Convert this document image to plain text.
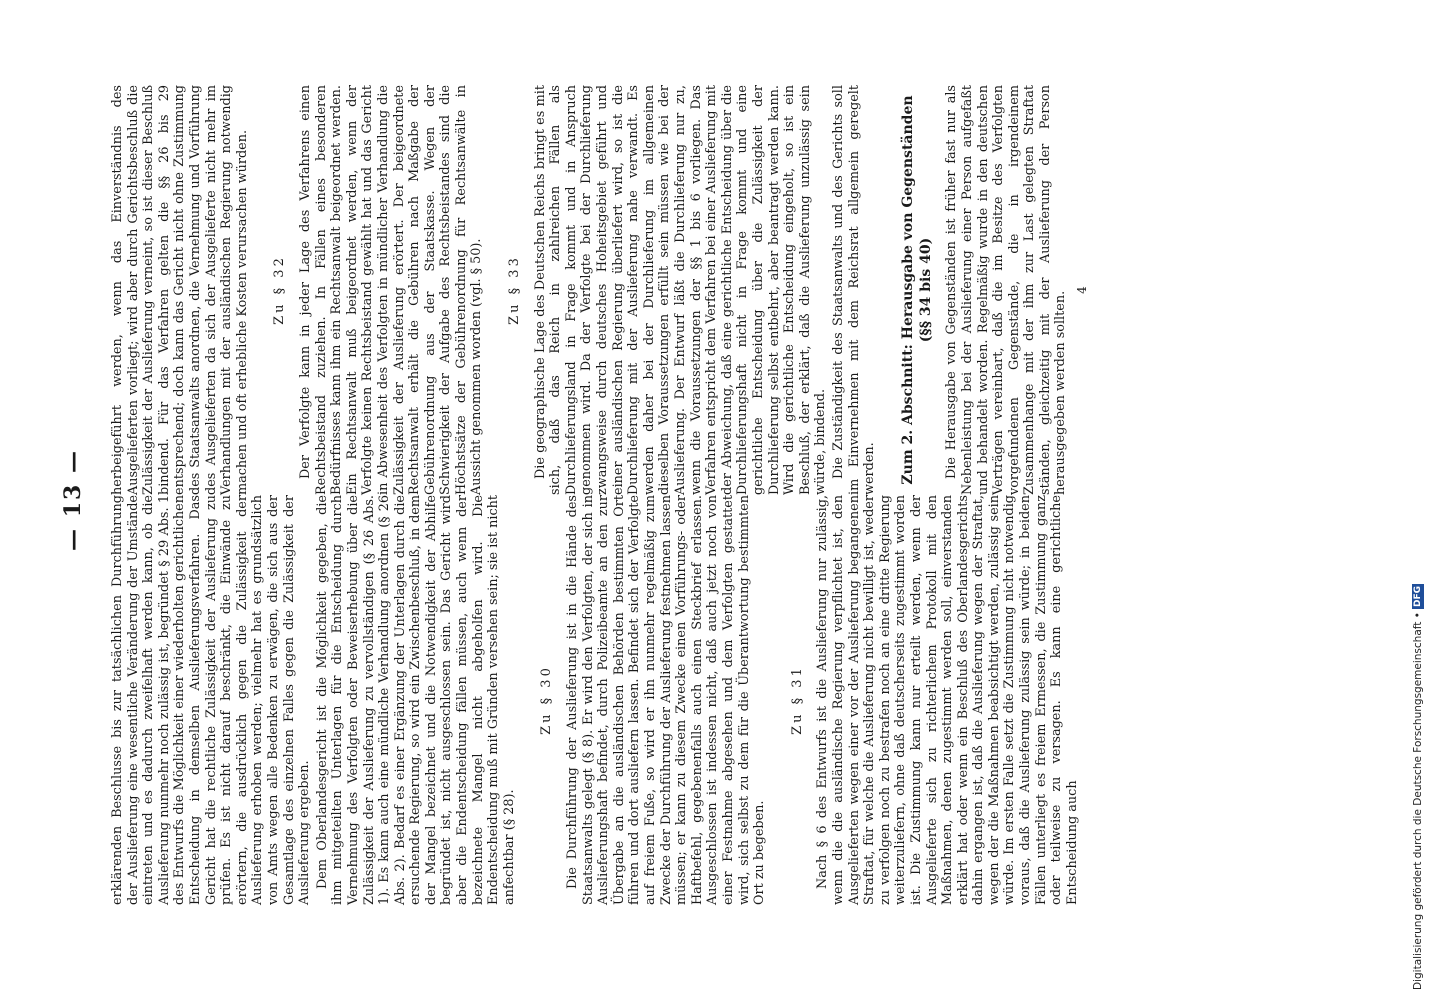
— 13 — erklärenden Beschlusse bis zur tatsächlichen Durchführung der Auslieferung eine wesentliche Veränderung der Umstände eintreten und es dadurch zweifelhaft werden kann, ob die Auslieferung nunmehr noch zulässig ist, begründet § 29 Abs. 1 des Entwurfs die Möglichkeit einer wiederholten gerichtlichen Entscheidung in demselben Auslieferungsverfahren. Das Gericht hat die rechtliche Zulässigkeit der Auslieferung zu prüfen. Es ist nicht darauf beschränkt, die Einwände zu erörtern, die ausdrücklich gegen die Zulässigkeit der Auslieferung erhoben werden; vielmehr hat es grundsätzlich von Amts wegen alle Bedenken zu erwägen, die sich aus der Gesamtlage des einzelnen Falles gegen die Zulässigkeit der Auslieferung ergeben. Dem Oberlandesgericht ist die Möglichkeit gegeben, die ihm mitgeteilten Unterlagen für die Entscheidung durch Vernehmung des Verfolgten oder Beweiserhebung über die Zulässigkeit der Auslieferung zu vervollständigen (§ 26 Abs. 1). Es kann auch eine mündliche Verhandlung anordnen (§ 26 Abs. 2). Bedarf es einer Ergänzung der Unterlagen durch die ersuchende Regierung, so wird ein Zwischenbeschluß, in dem der Mangel bezeichnet und die Notwendigkeit der Abhilfe begründet ist, nicht ausgeschlossen sein. Das Gericht wird aber die Endentscheidung fällen müssen, auch wenn der bezeichnete Mangel nicht abgeholfen wird. Die Endentscheidung muß mit Gründen versehen sein; sie ist nicht anfechtbar (§ 28).

Zu § 30 Die Durchführung der Auslieferung ist in die Hände des Staatsanwalts gelegt (§ 8). Er wird den Verfolgten, der sich in Auslieferungshaft befindet, durch Polizeibeamte an den zur Übergabe an die ausländischen Behörden bestimmten Ort führen und dort ausliefern lassen. Befindet sich der Verfolgte auf freiem Fuße, so wird er ihn nunmehr regelmäßig zum Zwecke der Durchführung der Auslieferung festnehmen lassen müssen; er kann zu diesem Zwecke einen Vorführungs- oder Haftbefehl, gegebenenfalls auch einen Steckbrief erlassen. Ausgeschlossen ist indessen nicht, daß auch jetzt noch von einer Festnahme abgesehen und dem Verfolgten gestattet wird, sich selbst zu dem für die Überantwortung bestimmten Ort zu begeben.

Zu § 31 Nach § 6 des Entwurfs ist die Auslieferung nur zulässig, wenn die die ausländische Regierung verpflichtet ist, den Ausgelieferten wegen einer vor der Auslieferung begangenen Straftat, für welche die Auslieferung nicht bewilligt ist, weder zu verfolgen noch zu bestrafen noch an eine dritte Regierung weiterzuliefern, ohne daß deutscherseits zugestimmt worden ist. Die Zustimmung kann nur erteilt werden, wenn der Ausgelieferte sich zu richterlichem Protokoll mit den Maßnahmen, denen zugestimmt werden soll, einverstanden erklärt hat oder wenn ein Beschluß des Oberlandesgerichts dahin ergangen ist, daß die Auslieferung wegen der Straftat, wegen der die Maßnahmen beabsichtigt werden, zulässig sein würde. Im ersten Falle setzt die Zustimmung nicht notwendig voraus, daß die Auslieferung zulässig sein würde; in beiden Fällen unterliegt es freiem Ermessen, die Zustimmung ganz oder teilweise zu versagen. Es kann eine gerichtliche Entscheidung auch

herbeigeführt werden, wenn das Einverständnis des Ausgelieferten vorliegt; wird aber durch Gerichtsbeschluß die Zulässigkeit der Auslieferung verneint, so ist dieser Beschluß bindend. Für das Verfahren gelten die §§ 26 bis 29 entsprechend; doch kann das Gericht nicht ohne Zustimmung des Staatsanwalts anordnen, die Vernehmung und Vorführung des Ausgelieferten da sich der Ausgelieferte nicht mehr im Verhandlungen mit der ausländischen Regierung notwendig machen und oft erhebliche Kosten verursachen würden. Zu § 32 Der Verfolgte kann in jeder Lage des Verfahrens einen Rechtsbeistand zuziehen. In Fällen eines besonderen Bedürfnisses kann ihm ein Rechtsanwalt beigeordnet werden. Ein Rechtsanwalt muß beigeordnet werden, wenn der Verfolgte keinen Rechtsbeistand gewählt hat und das Gericht in Abwesenheit des Verfolgten in mündlicher Verhandlung die Zulässigkeit der Auslieferung erörtert. Der beigeordnete Rechtsanwalt erhält die Gebühren nach Maßgabe der Gebührenordnung aus der Staatskasse. Wegen der Schwierigkeit der Aufgabe des Rechtsbeistandes sind die Höchstsätze der Gebührenordnung für Rechtsanwälte in Aussicht genommen worden (vgl. § 50). Zu § 33 Die geographische Lage des Deutschen Reichs bringt es mit sich, daß das Reich in zahlreichen Fällen als Durchlieferungsland in Frage kommt und in Anspruch genommen wird. Da der Verfolgte bei der Durchlieferung zwangsweise durch deutsches Hoheitsgebiet geführt und einer ausländischen Regierung überliefert wird, so ist die Durchlieferung mit der Auslieferung nahe verwandt. Es werden daher bei der Durchlieferung im allgemeinen dieselben Voraussetzungen erfüllt sein müssen wie bei der Auslieferung. Der Entwurf läßt die Durchlieferung nur zu, wenn die Voraussetzungen der §§ 1 bis 6 vorliegen. Das Verfahren entspricht dem Verfahren bei einer Auslieferung mit der Abweichung, daß eine gerichtliche Entscheidung über die Durchlieferungshaft nicht in Frage kommt und eine gerichtliche Entscheidung über die Zulässigkeit der Durchlieferung selbst entbehrt, aber beantragt werden kann. Wird die gerichtliche Entscheidung eingeholt, so ist ein Beschluß, der erklärt, daß die Auslieferung unzulässig sein würde, bindend. Die Zuständigkeit des Staatsanwalts und des Gerichts soll im Einvernehmen mit dem Reichsrat allgemein geregelt werden. Zum 2. Abschnitt: Herausgabe von Gegenständen (§§ 34 bis 40) Die Herausgabe von Gegenständen ist früher fast nur als Nebenleistung bei der Auslieferung einer Person aufgefaßt und behandelt worden. Regelmäßig wurde in den deutschen Verträgen vereinbart, daß die im Besitze des Verfolgten vorgefundenen Gegenstände, die in irgendeinem Zusammenhange mit der ihm zur Last gelegten Straftat ständen, gleichzeitig mit der Auslieferung der Person herausgegeben werden sollten.

4
Digitalisierung gefördert durch die Deutsche Forschungsgemeinschaft • DFG
